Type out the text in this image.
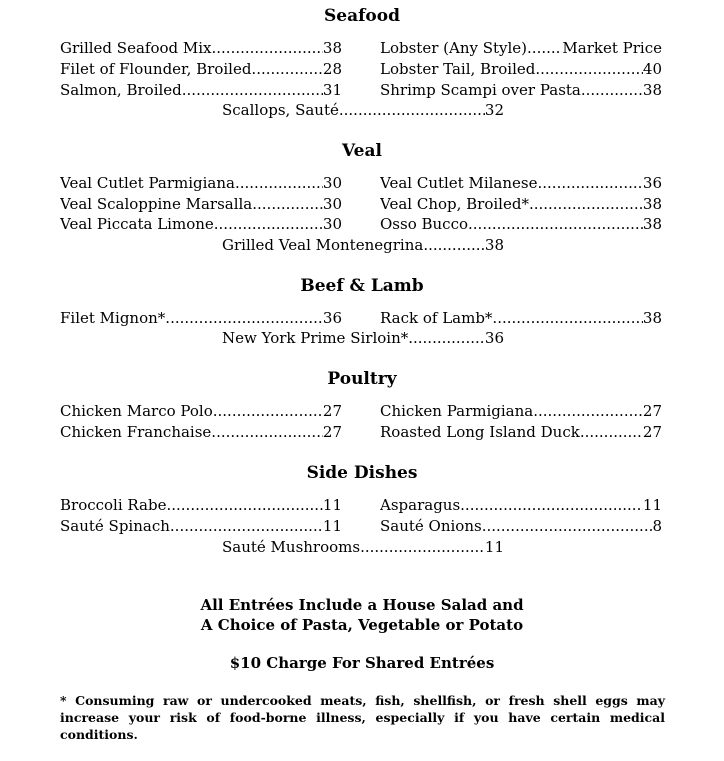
Seafood
Grilled Seafood Mix .....	38
Filet of Flounder, Broiled .....	28
Salmon, Broiled .....	31
Lobster (Any Style) ..... Market Price
Lobster Tail, Broiled .....	40
Shrimp Scampi over Pasta .....	38
Scallops, Sauté .....	32
Veal
Veal Cutlet Parmigiana .....	30
Veal Scaloppine Marsalla .....	30
Veal Piccata Limone .....	30
Veal Cutlet Milanese .....	36
Veal Chop, Broiled* .....	38
Osso Bucco .....	38
Grilled Veal Montenegrina .....	38
Beef & Lamb
Filet Mignon* .....	36	Rack of Lamb* .....	38
New York Prime Sirloin* .....	36
Poultry
Chicken Marco Polo .....	27
Chicken Franchaise .....	27
Chicken Parmigiana .....	27
Roasted Long Island Duck .....	27
Side Dishes
Broccoli Rabe .....	11
Sauté Spinach .....	11
Asparagus .....	11
Sauté Onions .....	8
Sauté Mushrooms .....	11
All Entrées Include a House Salad and
A Choice of Pasta, Vegetable or Potato
$10 Charge For Shared Entrées
* Consuming raw or undercooked meats, fish, shellfish, or fresh shell eggs may increase your risk of food-borne illness, especially if you have certain medical conditions.
